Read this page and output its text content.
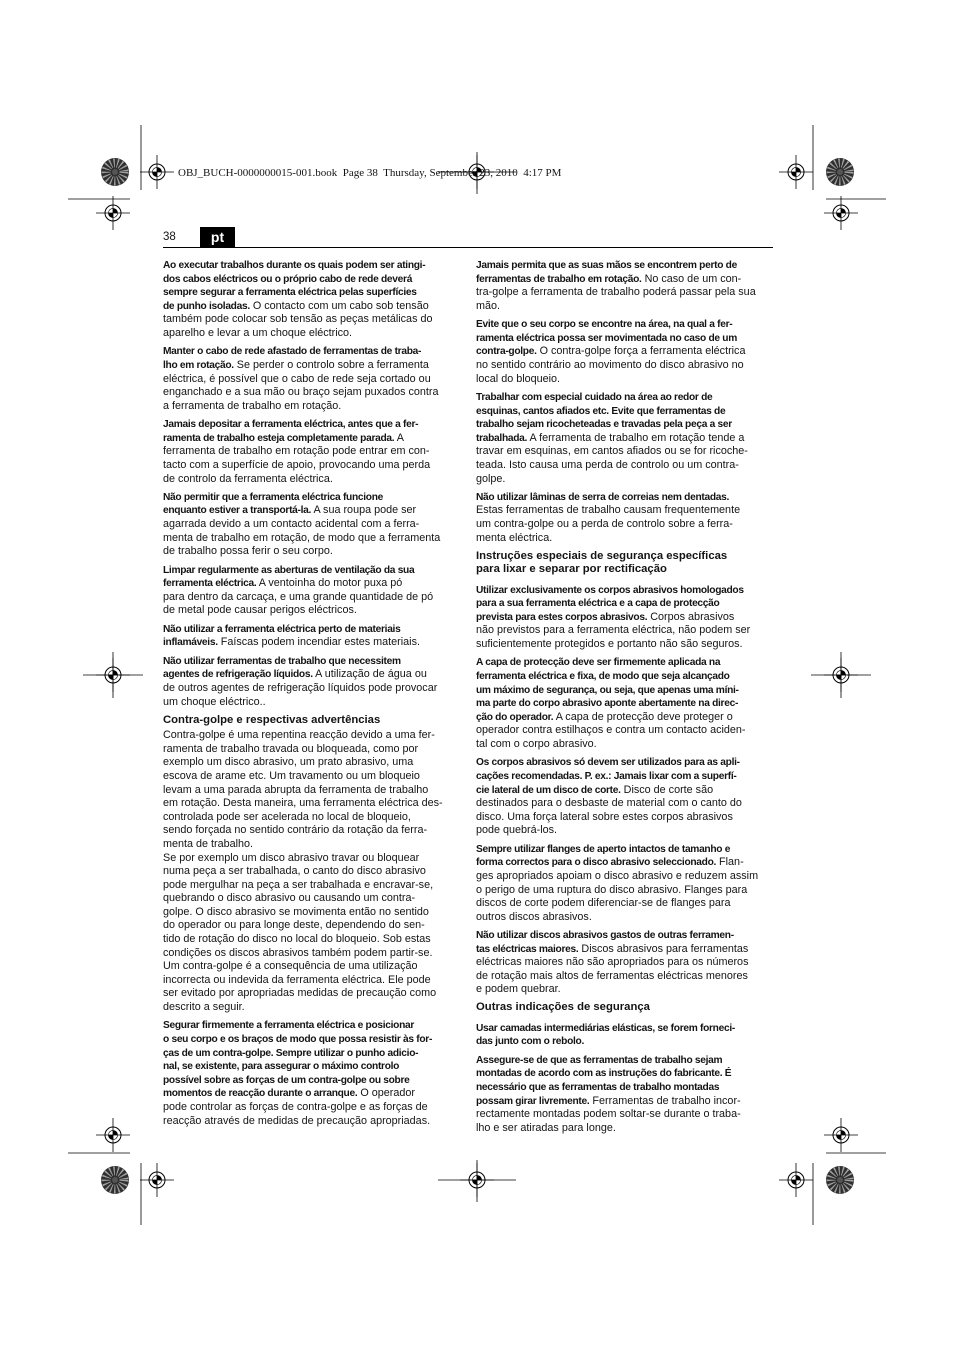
OBJ_BUCH-0000000015-001.book  Page 38  Thursday, September 23, 2010  4:17 PM
38	pt
Ao executar trabalhos durante os quais podem ser atingi-
dos cabos eléctricos ou o próprio cabo de rede deverá
sempre segurar a ferramenta eléctrica pelas superfícies
de punho isoladas. O contacto com um cabo sob tensão
também pode colocar sob tensão as peças metálicas do
aparelho e levar a um choque eléctrico.
Manter o cabo de rede afastado de ferramentas de traba-
lho em rotação. Se perder o controlo sobre a ferramenta
eléctrica, é possível que o cabo de rede seja cortado ou
enganchado e a sua mão ou braço sejam puxados contra
a ferramenta de trabalho em rotação.
Jamais depositar a ferramenta eléctrica, antes que a fer-
ramenta de trabalho esteja completamente parada. A
ferramenta de trabalho em rotação pode entrar em con-
tacto com a superfície de apoio, provocando uma perda
de controlo da ferramenta eléctrica.
Não permitir que a ferramenta eléctrica funcione
enquanto estiver a transportá-la. A sua roupa pode ser
agarrada devido a um contacto acidental com a ferra-
menta de trabalho em rotação, de modo que a ferramenta
de trabalho possa ferir o seu corpo.
Limpar regularmente as aberturas de ventilação da sua
ferramenta eléctrica. A ventoinha do motor puxa pó
para dentro da carcaça, e uma grande quantidade de pó
de metal pode causar perigos eléctricos.
Não utilizar a ferramenta eléctrica perto de materiais
inflamáveis. Faíscas podem incendiar estes materiais.
Não utilizar ferramentas de trabalho que necessitem
agentes de refrigeração líquidos. A utilização de água ou
de outros agentes de refrigeração líquidos pode provocar
um choque eléctrico..
Contra-golpe e respectivas advertências
Contra-golpe é uma repentina reacção devido a uma fer-
ramenta de trabalho travada ou bloqueada, como por
exemplo um disco abrasivo, um prato abrasivo, uma
escova de arame etc. Um travamento ou um bloqueio
levam a uma parada abrupta da ferramenta de trabalho
em rotação. Desta maneira, uma ferramenta eléctrica des-
controlada pode ser acelerada no local de bloqueio,
sendo forçada no sentido contrário da rotação da ferra-
menta de trabalho.
Se por exemplo um disco abrasivo travar ou bloquear
numa peça a ser trabalhada, o canto do disco abrasivo
pode mergulhar na peça a ser trabalhada e encravar-se,
quebrando o disco abrasivo ou causando um contra-
golpe. O disco abrasivo se movimenta então no sentido
do operador ou para longe deste, dependendo do sen-
tido de rotação do disco no local do bloqueio. Sob estas
condições os discos abrasivos também podem partir-se.
Um contra-golpe é a consequência de uma utilização
incorrecta ou indevida da ferramenta eléctrica. Ele pode
ser evitado por apropriadas medidas de precaução como
descrito a seguir.
Segurar firmemente a ferramenta eléctrica e posicionar
o seu corpo e os braços de modo que possa resistir às for-
ças de um contra-golpe. Sempre utilizar o punho adicio-
nal, se existente, para assegurar o máximo controlo
possível sobre as forças de um contra-golpe ou sobre
momentos de reacção durante o arranque. O operador
pode controlar as forças de contra-golpe e as forças de
reacção através de medidas de precaução apropriadas.
Jamais permita que as suas mãos se encontrem perto de
ferramentas de trabalho em rotação. No caso de um con-
tra-golpe a ferramenta de trabalho poderá passar pela sua
mão.
Evite que o seu corpo se encontre na área, na qual a fer-
ramenta eléctrica possa ser movimentada no caso de um
contra-golpe. O contra-golpe força a ferramenta eléctrica
no sentido contrário ao movimento do disco abrasivo no
local do bloqueio.
Trabalhar com especial cuidado na área ao redor de
esquinas, cantos afiados etc. Evite que ferramentas de
trabalho sejam ricocheteadas e travadas pela peça a ser
trabalhada. A ferramenta de trabalho em rotação tende a
travar em esquinas, em cantos afiados ou se for ricoche-
teada. Isto causa uma perda de controlo ou um contra-
golpe.
Não utilizar lâminas de serra de correias nem dentadas.
Estas ferramentas de trabalho causam frequentemente
um contra-golpe ou a perda de controlo sobre a ferra-
menta eléctrica.
Instruções especiais de segurança específicas
para lixar e separar por rectificação
Utilizar exclusivamente os corpos abrasivos homologados
para a sua ferramenta eléctrica e a capa de protecção
prevista para estes corpos abrasivos. Corpos abrasivos
não previstos para a ferramenta eléctrica, não podem ser
suficientemente protegidos e portanto não são seguros.
A capa de protecção deve ser firmemente aplicada na
ferramenta eléctrica e fixa, de modo que seja alcançado
um máximo de segurança, ou seja, que apenas uma míni-
ma parte do corpo abrasivo aponte abertamente na direc-
ção do operador. A capa de protecção deve proteger o
operador contra estilhaços e contra um contacto aciden-
tal com o corpo abrasivo.
Os corpos abrasivos só devem ser utilizados para as apli-
cações recomendadas. P. ex.: Jamais lixar com a superfí-
cie lateral de um disco de corte. Disco de corte são
destinados para o desbaste de material com o canto do
disco. Uma força lateral sobre estes corpos abrasivos
pode quebrá-los.
Sempre utilizar flanges de aperto intactos de tamanho e
forma correctos para o disco abrasivo seleccionado. Flan-
ges apropriados apoiam o disco abrasivo e reduzem assim
o perigo de uma ruptura do disco abrasivo. Flanges para
discos de corte podem diferenciar-se de flanges para
outros discos abrasivos.
Não utilizar discos abrasivos gastos de outras ferramen-
tas eléctricas maiores. Discos abrasivos para ferramentas
eléctricas maiores não são apropriados para os números
de rotação mais altos de ferramentas eléctricas menores
e podem quebrar.
Outras indicações de segurança
Usar camadas intermediárias elásticas, se forem forneci-
das junto com o rebolo.
Assegure-se de que as ferramentas de trabalho sejam
montadas de acordo com as instruções do fabricante. É
necessário que as ferramentas de trabalho montadas
possam girar livremente. Ferramentas de trabalho incor-
rectamente montadas podem soltar-se durante o traba-
lho e ser atiradas para longe.
